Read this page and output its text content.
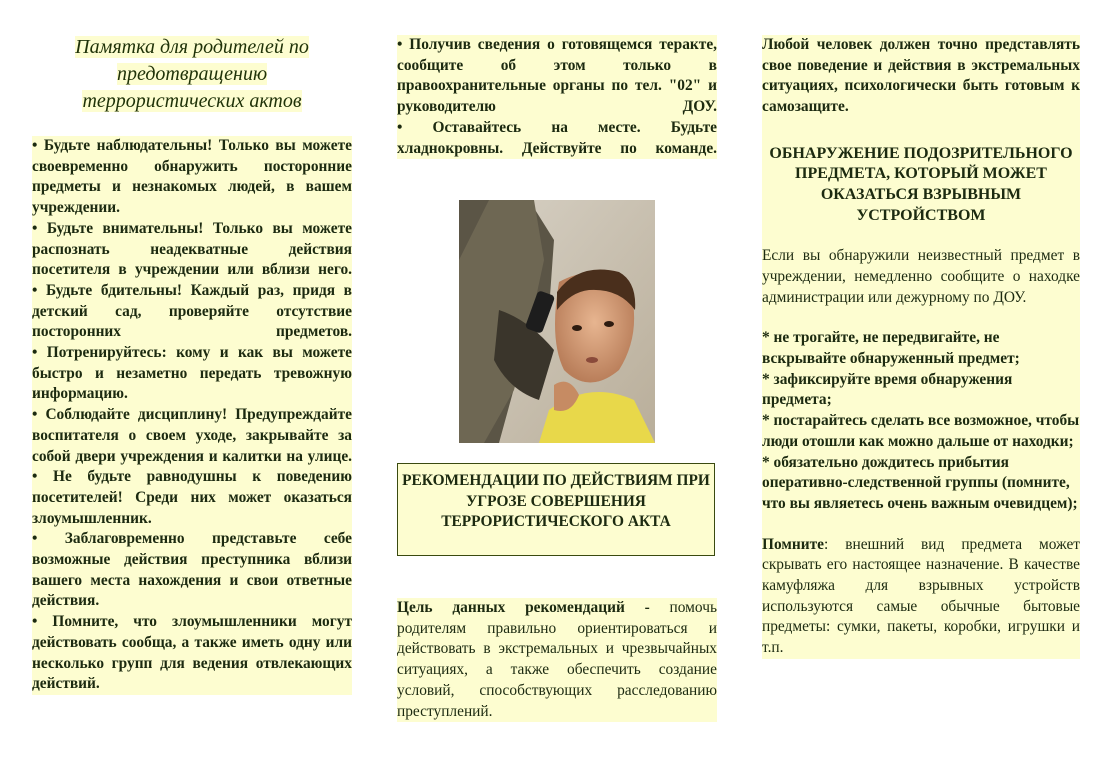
Памятка для родителей по
предотвращению
террористических актов

• Будьте наблюдательны! Только вы можете своевременно обнаружить посторонние предметы и незнакомых людей, в вашем учреждении.

• Будьте внимательны! Только вы можете распознать неадекватные действия посетителя в учреждении или вблизи него.

• Будьте бдительны! Каждый раз, придя в детский сад, проверяйте отсутствие посторонних предметов.

• Потренируйтесь: кому и как вы можете быстро и незаметно передать тревожную информацию.

• Соблюдайте дисциплину! Предупреждайте воспитателя о своем уходе, закрывайте за собой двери учреждения и калитки на улице.

• Не будьте равнодушны к поведению посетителей! Среди них может оказаться злоумышленник.

• Заблаговременно представьте себе возможные действия преступника вблизи вашего места нахождения и свои ответные действия.

• Помните, что злоумышленники могут действовать сообща, а также иметь одну или несколько групп для ведения отвлекающих действий.

• Получив сведения о готовящемся теракте, сообщите об этом только в правоохранительные органы по тел. "02" и руководителю ДОУ.

• Оставайтесь на месте. Будьте хладнокровны. Действуйте по команде.

РЕКОМЕНДАЦИИ ПО ДЕЙСТВИЯМ ПРИ УГРОЗЕ СОВЕРШЕНИЯ ТЕРРОРИСТИЧЕСКОГО АКТА
Цель данных рекомендаций - помочь родителям правильно ориентироваться и действовать в экстремальных и чрезвычайных ситуациях, а также обеспечить создание условий, способствующих расследованию преступлений.

Любой человек должен точно представлять свое поведение и действия в экстремальных ситуациях, психологически быть готовым к самозащите.

ОБНАРУЖЕНИЕ ПОДОЗРИТЕЛЬНОГО ПРЕДМЕТА, КОТОРЫЙ МОЖЕТ ОКАЗАТЬСЯ ВЗРЫВНЫМ УСТРОЙСТВОМ

Если вы обнаружили неизвестный предмет в учреждении, немедленно сообщите о находке администрации или дежурному по ДОУ.

* не трогайте, не передвигайте, не вскрывайте обнаруженный предмет;

* зафиксируйте время обнаружения предмета;

* постарайтесь сделать все возможное, чтобы люди отошли как можно дальше от находки;

* обязательно дождитесь прибытия оперативно-следственной группы (помните, что вы являетесь очень важным очевидцем);

Помните: внешний вид предмета может скрывать его настоящее назначение. В качестве камуфляжа для взрывных устройств используются самые обычные бытовые предметы: сумки, пакеты, коробки, игрушки и т.п.
